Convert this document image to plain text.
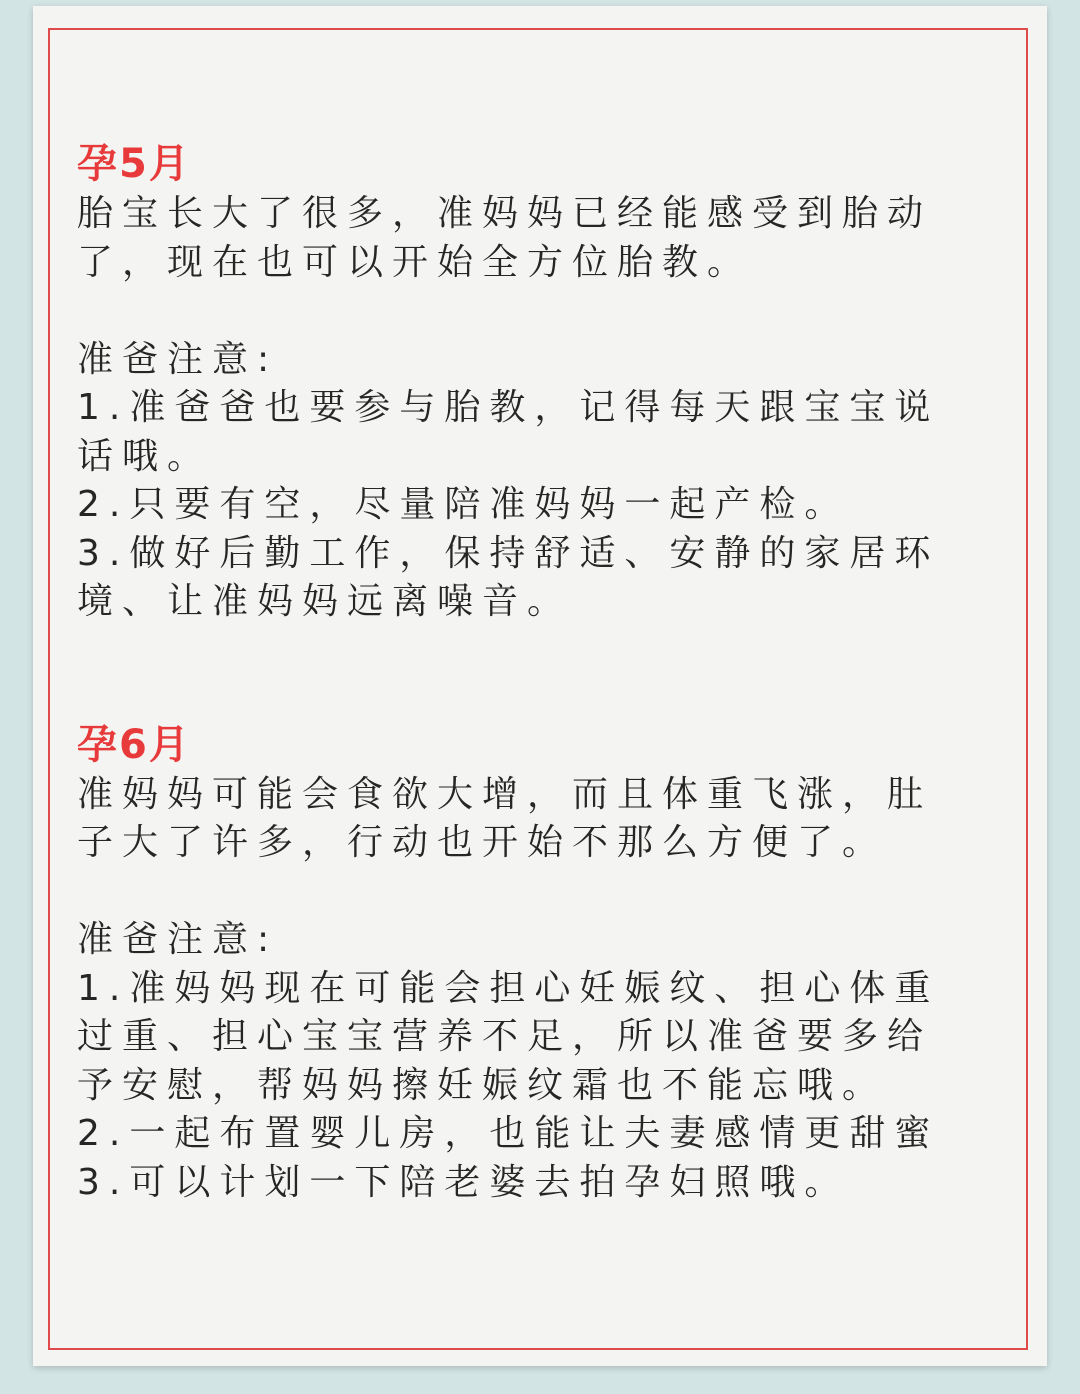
孕5月
胎宝长大了很多，准妈妈已经能感受到胎动
了，现在也可以开始全方位胎教。
准爸注意:
1.准爸爸也要参与胎教，记得每天跟宝宝说
话哦。
2.只要有空，尽量陪准妈妈一起产检。
3.做好后勤工作，保持舒适、安静的家居环
境、让准妈妈远离噪音。
孕6月
准妈妈可能会食欲大增，而且体重飞涨，肚
子大了许多，行动也开始不那么方便了。
准爸注意:
1.准妈妈现在可能会担心妊娠纹、担心体重
过重、担心宝宝营养不足，所以准爸要多给
予安慰，帮妈妈擦妊娠纹霜也不能忘哦。
2.一起布置婴儿房，也能让夫妻感情更甜蜜
3.可以计划一下陪老婆去拍孕妇照哦。
